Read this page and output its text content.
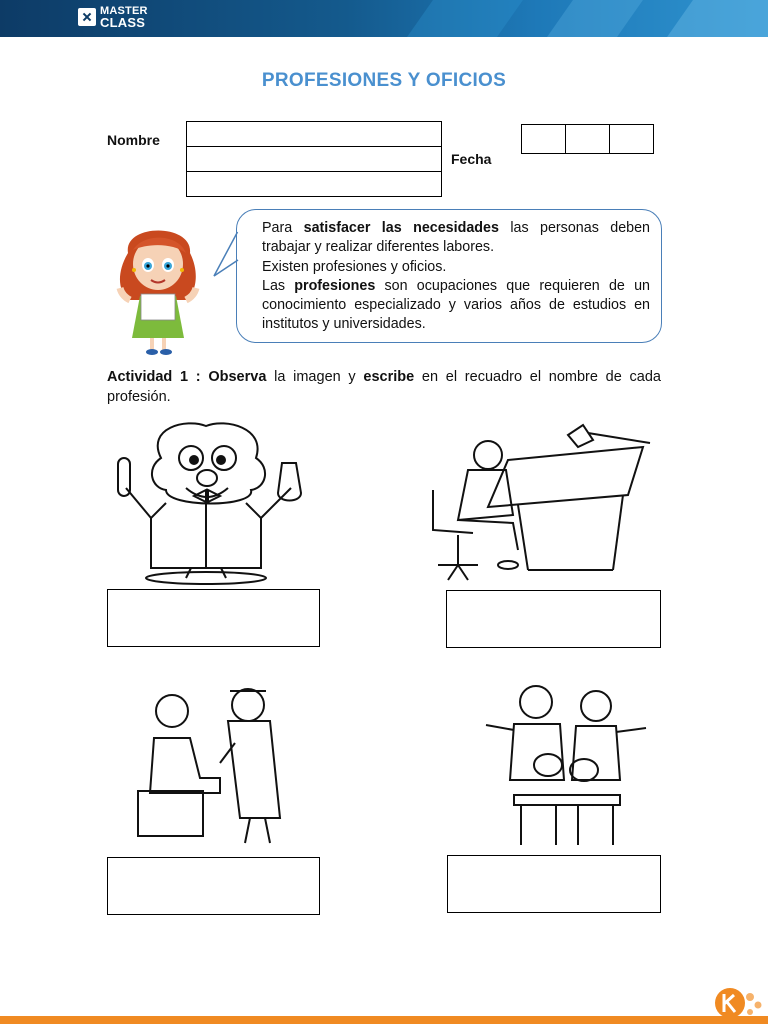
MASTER
CLASS
PROFESIONES Y OFICIOS
Nombre
Fecha

Para satisfacer las necesidades las personas deben trabajar y realizar diferentes labores.

Existen profesiones y oficios.

Las profesiones son ocupaciones que requieren de un conocimiento especializado y varios años de estudios en institutos y universidades.

Actividad 1 : Observa la imagen y escribe en el recuadro el nombre de cada profesión.
